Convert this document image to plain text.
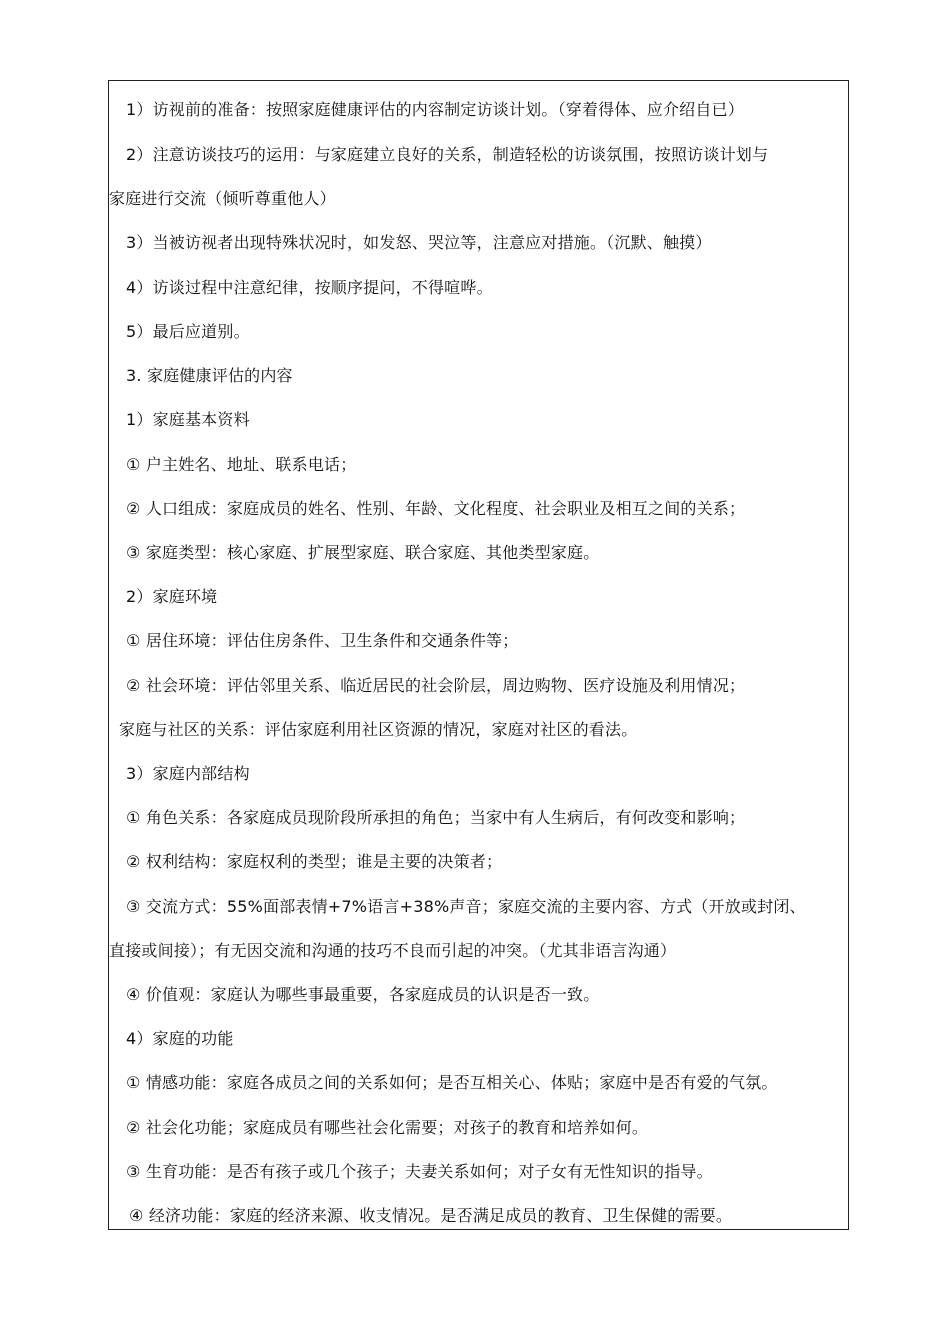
1）访视前的准备：按照家庭健康评估的内容制定访谈计划。（穿着得体、应介绍自已）
2）注意访谈技巧的运用：与家庭建立良好的关系，制造轻松的访谈氛围，按照访谈计划与
家庭进行交流（倾听尊重他人）
3）当被访视者出现特殊状况时，如发怒、哭泣等，注意应对措施。（沉默、触摸）
4）访谈过程中注意纪律，按顺序提问，不得喧哗。
5）最后应道别。
3. 家庭健康评估的内容
1）家庭基本资料
① 户主姓名、地址、联系电话；
② 人口组成：家庭成员的姓名、性别、年龄、文化程度、社会职业及相互之间的关系；
③ 家庭类型：核心家庭、扩展型家庭、联合家庭、其他类型家庭。
2）家庭环境
① 居住环境：评估住房条件、卫生条件和交通条件等；
② 社会环境：评估邻里关系、临近居民的社会阶层，周边购物、医疗设施及利用情况；
家庭与社区的关系：评估家庭利用社区资源的情况，家庭对社区的看法。
3）家庭内部结构
① 角色关系：各家庭成员现阶段所承担的角色；当家中有人生病后，有何改变和影响；
② 权利结构：家庭权利的类型；谁是主要的决策者；
③ 交流方式：55%面部表情+7%语言+38%声音；家庭交流的主要内容、方式（开放或封闭、
直接或间接）；有无因交流和沟通的技巧不良而引起的冲突。（尤其非语言沟通）
④ 价值观：家庭认为哪些事最重要，各家庭成员的认识是否一致。
4）家庭的功能
① 情感功能：家庭各成员之间的关系如何；是否互相关心、体贴；家庭中是否有爱的气氛。
② 社会化功能；家庭成员有哪些社会化需要；对孩子的教育和培养如何。
③ 生育功能：是否有孩子或几个孩子；夫妻关系如何；对子女有无性知识的指导。
④ 经济功能：家庭的经济来源、收支情况。是否满足成员的教育、卫生保健的需要。
